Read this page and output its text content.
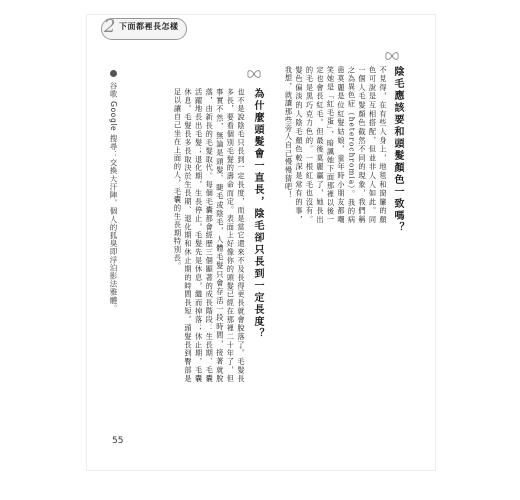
2 下面都裡長怎樣
陰毛應該要和頭髮顏色一致嗎？
不見得，在有些人身上，地毯和窗簾的顏色可說是互相搭配，但並非人人如此。同一個人毛髮顏色截然不同的現象，我們稱之為異色症（heterochromia）。我的病患莫麗是位紅髮姑娘，童年時小朋友都嘲笑她是「紅毛蛋」，暗諷她下面那裡以後一定也會長紅毛。但最後莫麗贏了，她長出的毛是黑巧克力色的。一根紅毛也沒有。髮色偏淡的人陰毛顏色較深是常有的事，我想，就讓那些旁人自己慢慢猜吧！
為什麼頭髮會一直長，陰毛卻只長到一定長度？
也不是說陰毛只長到一定長度，而是當它還來不及長得更長就會脫落了。毛髮長多長，要看個別毛髮的壽命而定。表面上好像你的頭髮已經在那裡二十年了，但事實不然，無論是頭髮、睫毛或陰毛，人體毛髮只會存活一段時間，接著就脫落，由新長的毛髮取代。每個毛囊都會經歷三個顯著的成長階段：生長期、毛囊活躍地長出毛髮；退化期，生長停止，毛髮先是休息，繼而掉落；休止期，毛囊休息。毛髮長多長取決於生長期、退化期和休止期的時間長短。頭髮長到臀部是足以讓自己坐在上面的人，毛囊的生長期特別長。
谷歌 Google 搜尋：交換大汗陣，個人的狐臭即浮泊影法雅體。
55
